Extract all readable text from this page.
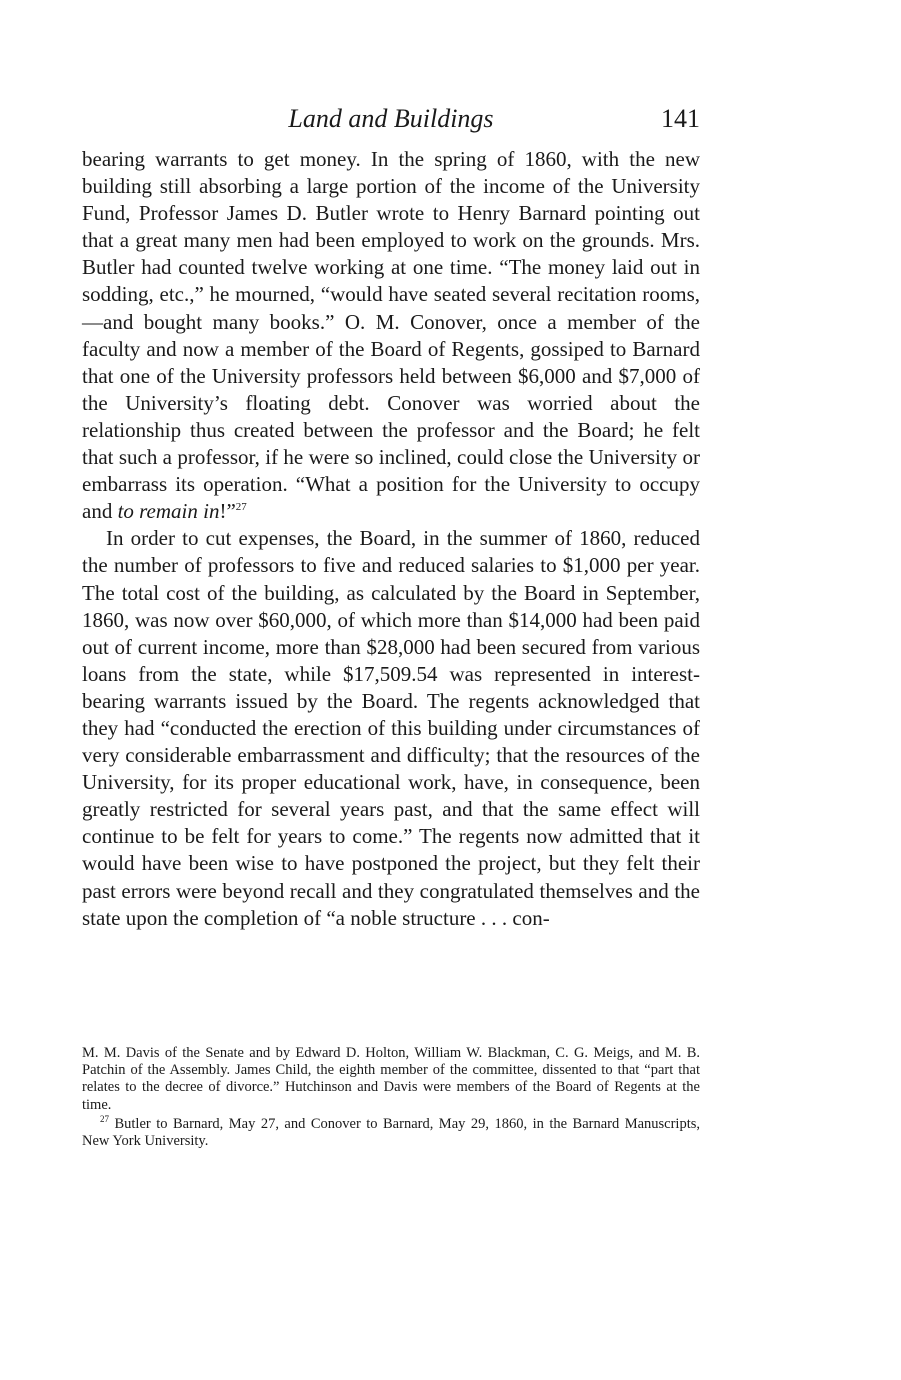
Land and Buildings	141

bearing warrants to get money. In the spring of 1860, with the new building still absorbing a large portion of the income of the University Fund, Professor James D. Butler wrote to Henry Barnard pointing out that a great many men had been employed to work on the grounds. Mrs. Butler had counted twelve working at one time. “The money laid out in sodding, etc.,” he mourned, “would have seated several recitation rooms,—and bought many books.” O. M. Conover, once a member of the faculty and now a member of the Board of Regents, gossiped to Barnard that one of the University professors held between $6,000 and $7,000 of the University’s floating debt. Conover was worried about the relationship thus created between the professor and the Board; he felt that such a professor, if he were so inclined, could close the University or embarrass its operation. “What a position for the University to occupy and to remain in!”$^{27}$

In order to cut expenses, the Board, in the summer of 1860, reduced the number of professors to five and reduced salaries to $1,000 per year. The total cost of the building, as calculated by the Board in September, 1860, was now over $60,000, of which more than $14,000 had been paid out of current income, more than $28,000 had been secured from various loans from the state, while $17,509.54 was represented in interest-bearing warrants issued by the Board. The regents acknowledged that they had “conducted the erection of this building under circumstances of very considerable embarrassment and difficulty; that the resources of the University, for its proper educational work, have, in consequence, been greatly restricted for several years past, and that the same effect will continue to be felt for years to come.” The regents now admitted that it would have been wise to have postponed the project, but they felt their past errors were beyond recall and they congratulated themselves and the state upon the completion of “a noble structure . . . con-

M. M. Davis of the Senate and by Edward D. Holton, William W. Blackman, C. G. Meigs, and M. B. Patchin of the Assembly. James Child, the eighth member of the committee, dissented to that “part that relates to the decree of divorce.” Hutchinson and Davis were members of the Board of Regents at the time.

$^{27}$ Butler to Barnard, May 27, and Conover to Barnard, May 29, 1860, in the Barnard Manuscripts, New York University.
